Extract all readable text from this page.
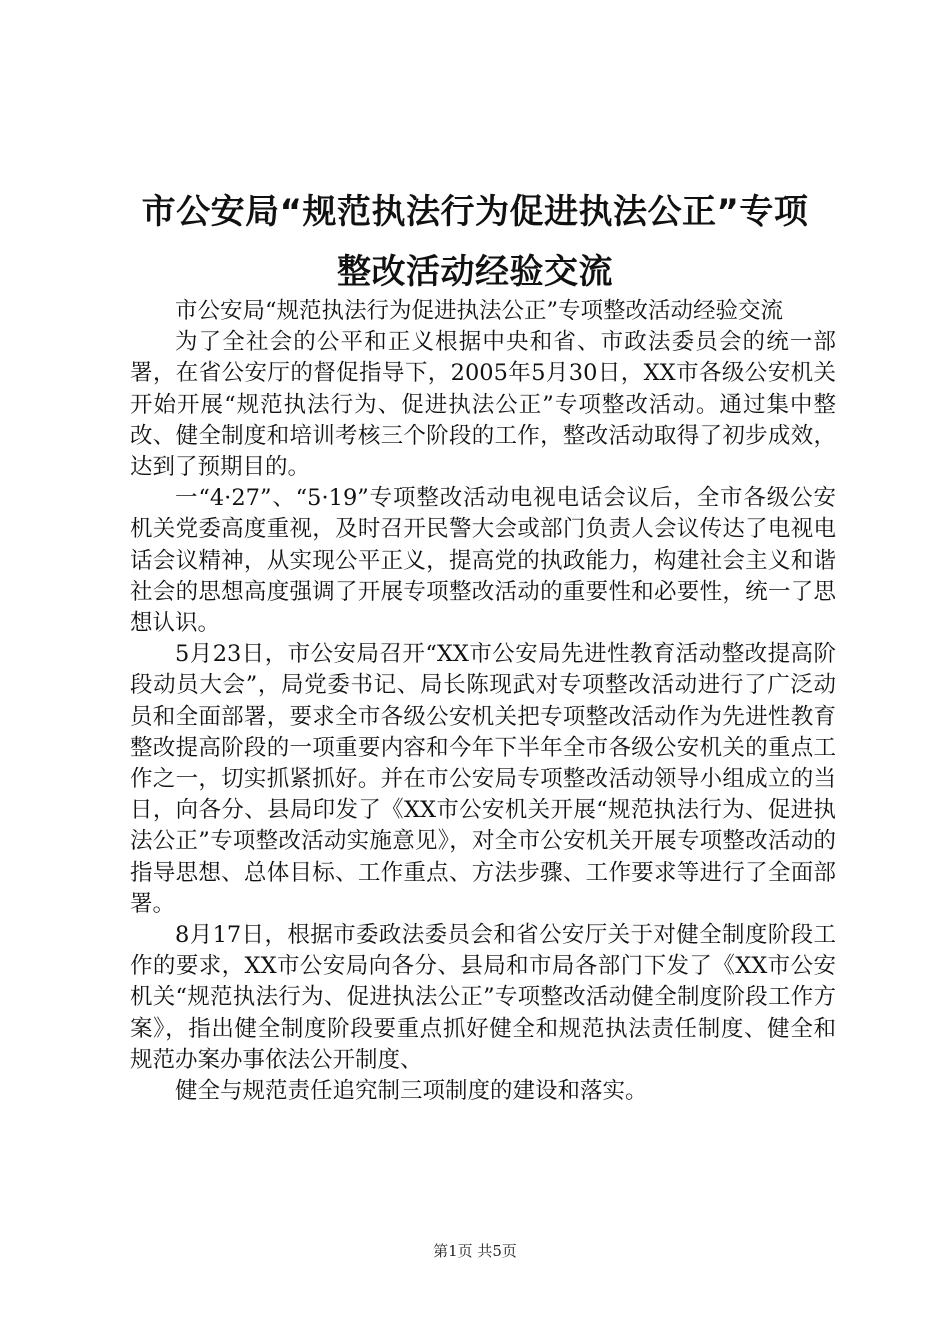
市公安局“规范执法行为促进执法公正”专项
整改活动经验交流

市公安局“规范执法行为促进执法公正”专项整改活动经验交流

为了全社会的公平和正义根据中央和省、市政法委员会的统一部署，在省公安厅的督促指导下，2005年5月30日，XX市各级公安机关开始开展“规范执法行为、促进执法公正”专项整改活动。通过集中整改、健全制度和培训考核三个阶段的工作，整改活动取得了初步成效，达到了预期目的。

一“4·27”、“5·19”专项整改活动电视电话会议后，全市各级公安机关党委高度重视，及时召开民警大会或部门负责人会议传达了电视电话会议精神，从实现公平正义，提高党的执政能力，构建社会主义和谐社会的思想高度强调了开展专项整改活动的重要性和必要性，统一了思想认识。

5月23日，市公安局召开“XX市公安局先进性教育活动整改提高阶段动员大会”，局党委书记、局长陈现武对专项整改活动进行了广泛动员和全面部署，要求全市各级公安机关把专项整改活动作为先进性教育整改提高阶段的一项重要内容和今年下半年全市各级公安机关的重点工作之一，切实抓紧抓好。并在市公安局专项整改活动领导小组成立的当日，向各分、县局印发了《XX市公安机关开展“规范执法行为、促进执法公正”专项整改活动实施意见》，对全市公安机关开展专项整改活动的指导思想、总体目标、工作重点、方法步骤、工作要求等进行了全面部署。

8月17日，根据市委政法委员会和省公安厅关于对健全制度阶段工作的要求，XX市公安局向各分、县局和市局各部门下发了《XX市公安机关“规范执法行为、促进执法公正”专项整改活动健全制度阶段工作方案》，指出健全制度阶段要重点抓好健全和规范执法责任制度、健全和规范办案办事依法公开制度、

健全与规范责任追究制三项制度的建设和落实。

第1页 共5页
